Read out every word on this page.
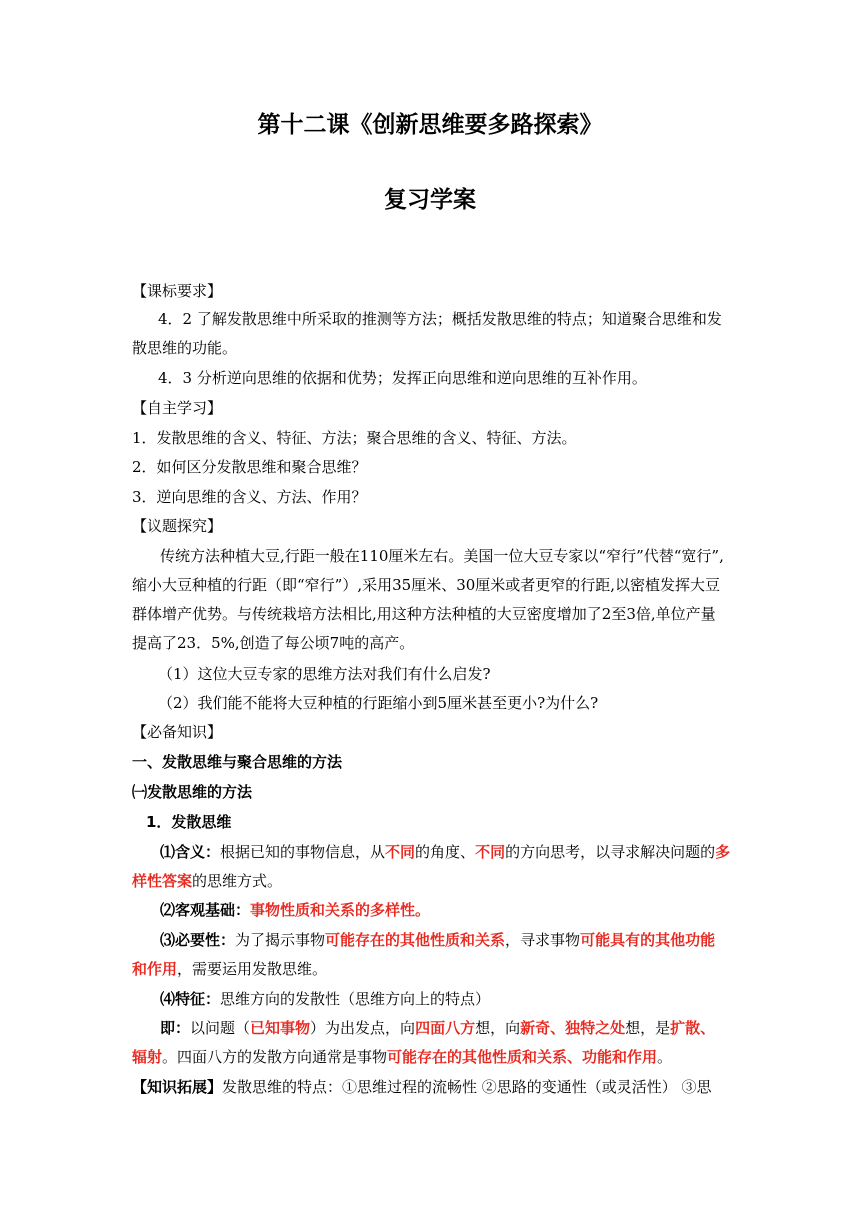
第十二课《创新思维要多路探索》
复习学案
【课标要求】
4．2 了解发散思维中所采取的推测等方法；概括发散思维的特点；知道聚合思维和发
散思维的功能。
4．3 分析逆向思维的依据和优势；发挥正向思维和逆向思维的互补作用。
【自主学习】
1．发散思维的含义、特征、方法；聚合思维的含义、特征、方法。
2．如何区分发散思维和聚合思维？
3．逆向思维的含义、方法、作用？
【议题探究】
传统方法种植大豆,行距一般在110厘米左右。美国一位大豆专家以“窄行”代替“宽行”,
缩小大豆种植的行距（即“窄行”）,采用35厘米、30厘米或者更窄的行距,以密植发挥大豆
群体增产优势。与传统栽培方法相比,用这种方法种植的大豆密度增加了2至3倍,单位产量
提高了23．5%,创造了每公顷7吨的高产。
（1）这位大豆专家的思维方法对我们有什么启发?
（2）我们能不能将大豆种植的行距缩小到5厘米甚至更小?为什么?
【必备知识】
一、发散思维与聚合思维的方法
㈠发散思维的方法
1．发散思维
⑴含义：根据已知的事物信息，从不同的角度、不同的方向思考，以寻求解决问题的多
样性答案的思维方式。
⑵客观基础：事物性质和关系的多样性。
⑶必要性：为了揭示事物可能存在的其他性质和关系，寻求事物可能具有的其他功能
和作用，需要运用发散思维。
⑷特征：思维方向的发散性（思维方向上的特点）
即：以问题（已知事物）为出发点，向四面八方想，向新奇、独特之处想，是扩散、
辐射。四面八方的发散方向通常是事物可能存在的其他性质和关系、功能和作用。
【知识拓展】发散思维的特点：①思维过程的流畅性 ②思路的变通性（或灵活性） ③思
